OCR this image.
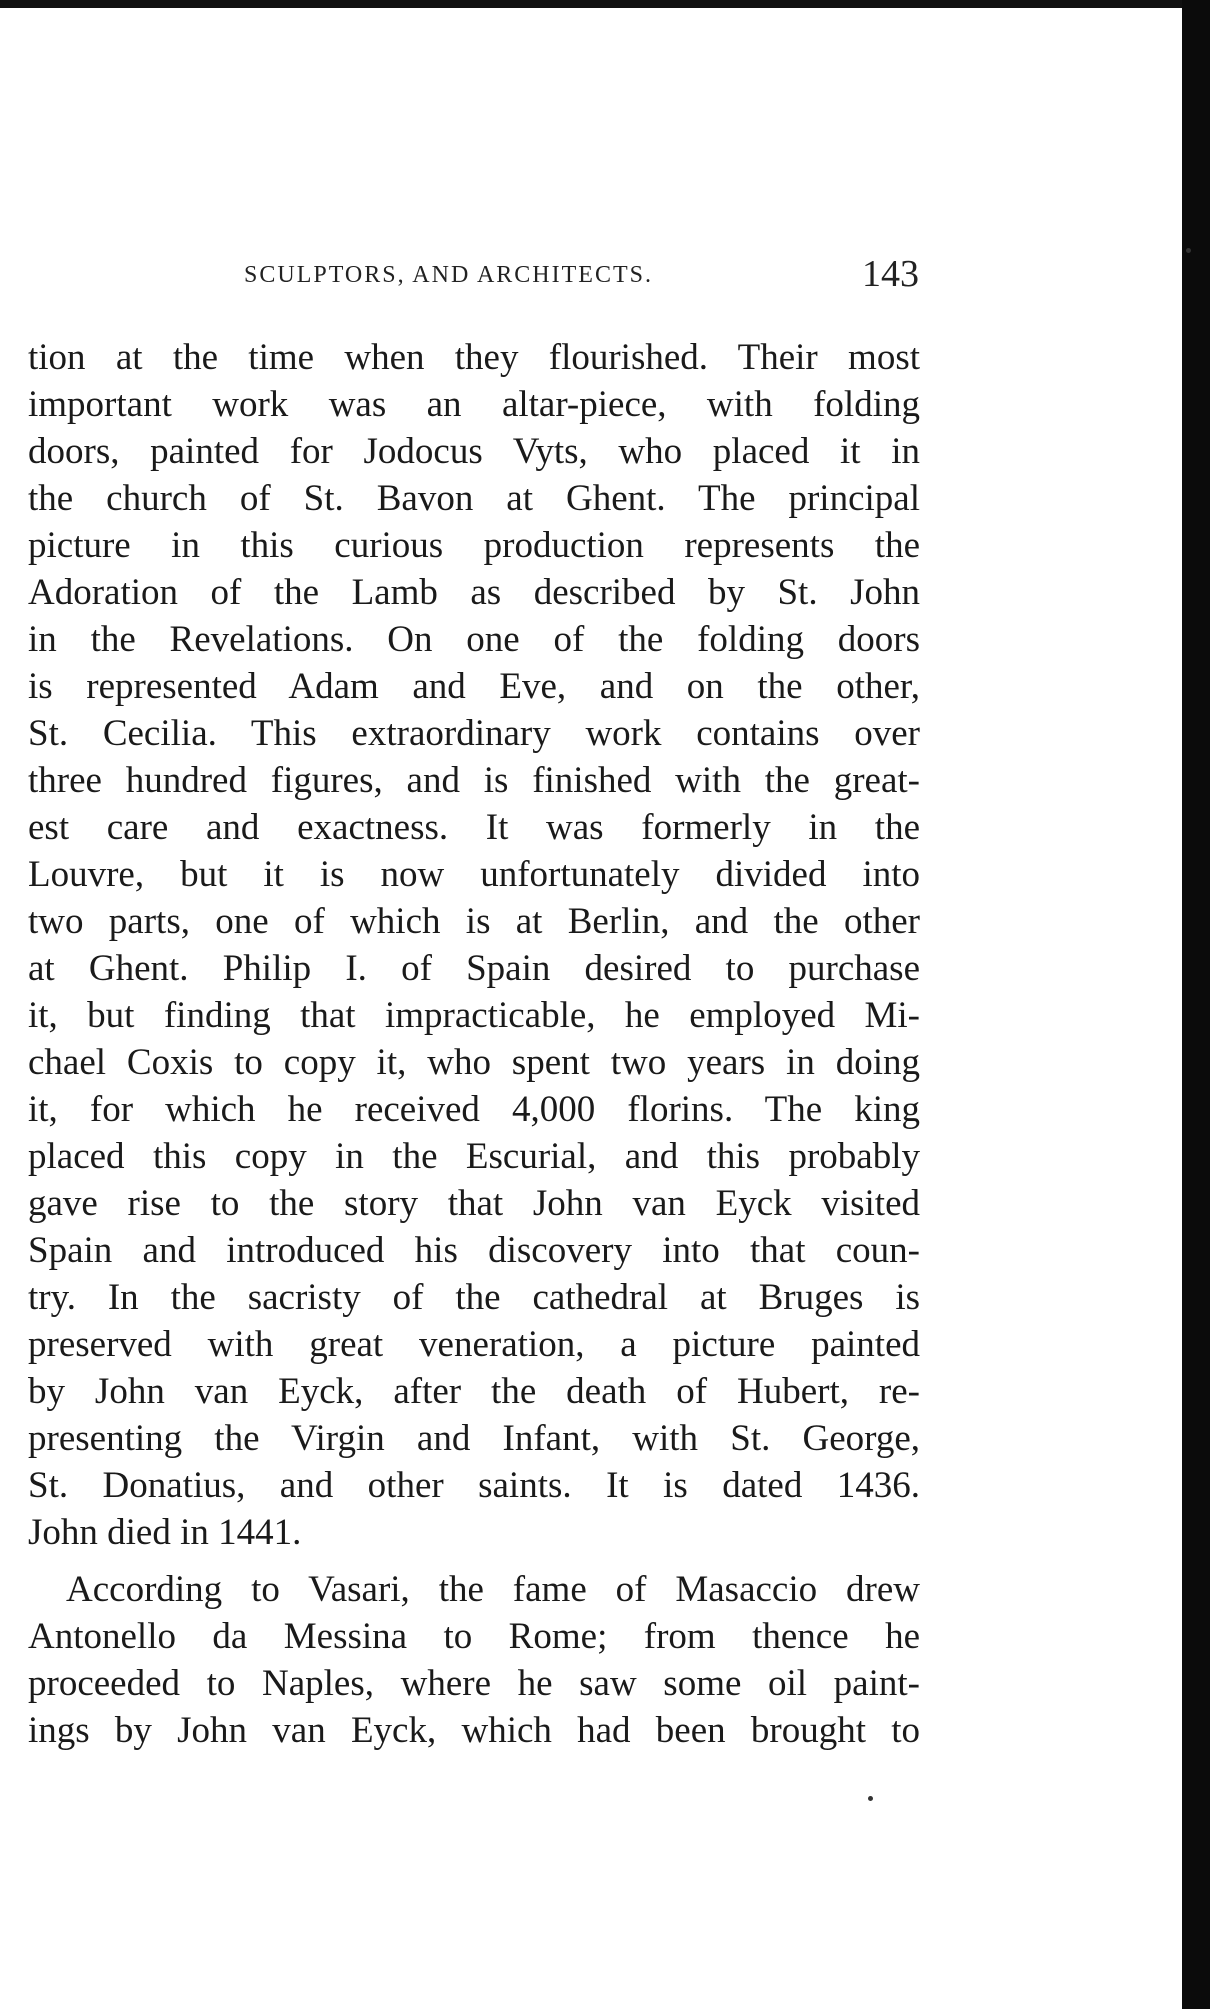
SCULPTORS, AND ARCHITECTS.	143
tion at the time when they flourished. Their most
important work was an altar-piece, with folding
doors, painted for Jodocus Vyts, who placed it in
the church of St. Bavon at Ghent. The principal
picture in this curious production represents the
Adoration of the Lamb as described by St. John
in the Revelations. On one of the folding doors
is represented Adam and Eve, and on the other,
St. Cecilia. This extraordinary work contains over
three hundred figures, and is finished with the great-
est care and exactness. It was formerly in the
Louvre, but it is now unfortunately divided into
two parts, one of which is at Berlin, and the other
at Ghent. Philip I. of Spain desired to purchase
it, but finding that impracticable, he employed Mi-
chael Coxis to copy it, who spent two years in doing
it, for which he received 4,000 florins. The king
placed this copy in the Escurial, and this probably
gave rise to the story that John van Eyck visited
Spain and introduced his discovery into that coun-
try. In the sacristy of the cathedral at Bruges is
preserved with great veneration, a picture painted
by John van Eyck, after the death of Hubert, re-
presenting the Virgin and Infant, with St. George,
St. Donatius, and other saints. It is dated 1436.
John died in 1441.
According to Vasari, the fame of Masaccio drew
Antonello da Messina to Rome; from thence he
proceeded to Naples, where he saw some oil paint-
ings by John van Eyck, which had been brought to
